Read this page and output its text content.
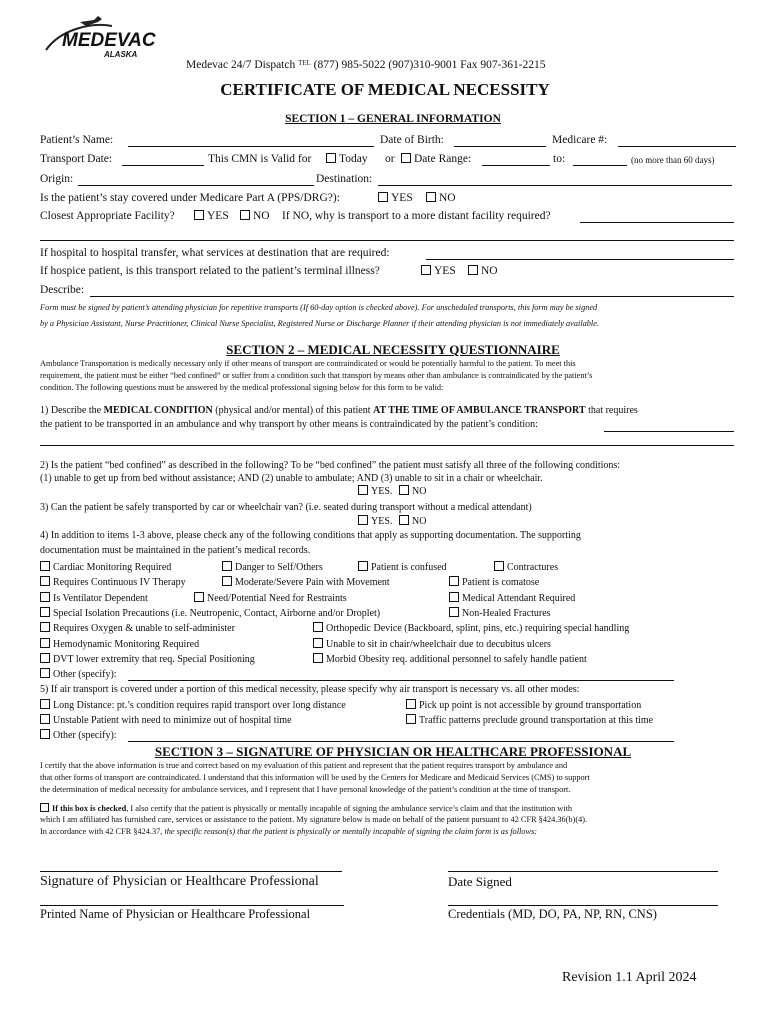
MEDEVAC
ALASKA
Medevac 24/7 Dispatch ᵀᴱᴸ (877) 985-5022 (907)310-9001 Fax 907-361-2215
CERTIFICATE OF MEDICAL NECESSITY
SECTION 1 – GENERAL INFORMATION
Patient’s Name:	Date of Birth:	Medicare #:
Transport Date:	This CMN is Valid for	Today or	Date Range:	to:	(no more than 60 days)
Origin:	Destination:
Is the patient’s stay covered under Medicare Part A (PPS/DRG?):	YES	NO
Closest Appropriate Facility?	YES	NO If NO, why is transport to a more distant facility required?
If hospital to hospital transfer, what services at destination that are required:
If hospice patient, is this transport related to the patient’s terminal illness?	YES	NO
Describe:
Form must be signed by patient’s attending physician for repetitive transports (If 60-day option is checked above). For unscheduled transports, this form may be signed
by a Physician Assistant, Nurse Practitioner, Clinical Nurse Specialist, Registered Nurse or Discharge Planner if their attending physician is not immediately available.
SECTION 2 – MEDICAL NECESSITY QUESTIONNAIRE
Ambulance Transportation is medically necessary only if other means of transport are contraindicated or would be potentially harmful to the patient. To meet this
requirement, the patient must be either “bed confined” or suffer from a condition such that transport by means other than ambulance is contraindicated by the patient’s
condition. The following questions must be answered by the medical professional signing below for this form to be valid:
1) Describe the MEDICAL CONDITION (physical and/or mental) of this patient AT THE TIME OF AMBULANCE TRANSPORT that requires
the patient to be transported in an ambulance and why transport by other means is contraindicated by the patient’s condition:
2) Is the patient “bed confined” as described in the following? To be “bed confined” the patient must satisfy all three of the following conditions:
(1) unable to get up from bed without assistance; AND (2) unable to ambulate; AND (3) unable to sit in a chair or wheelchair.
YES.	NO
3) Can the patient be safely transported by car or wheelchair van? (i.e. seated during transport without a medical attendant)
YES.	NO
4) In addition to items 1-3 above, please check any of the following conditions that apply as supporting documentation. The supporting
documentation must be maintained in the patient’s medical records.
Cardiac Monitoring Required	Danger to Self/Others	Patient is confused	Contractures
Requires Continuous IV Therapy	Moderate/Severe Pain with Movement	Patient is comatose
Is Ventilator Dependent	Need/Potential Need for Restraints	Medical Attendant Required
Special Isolation Precautions (i.e. Neutropenic, Contact, Airborne and/or Droplet)	Non-Healed Fractures
Requires Oxygen & unable to self-administer	Orthopedic Device (Backboard, splint, pins, etc.) requiring special handling
Hemodynamic Monitoring Required	Unable to sit in chair/wheelchair due to decubitus ulcers
DVT lower extremity that req. Special Positioning	Morbid Obesity req. additional personnel to safely handle patient
Other (specify):
5) If air transport is covered under a portion of this medical necessity, please specify why air transport is necessary vs. all other modes:
Long Distance: pt.’s condition requires rapid transport over long distance	Pick up point is not accessible by ground transportation
Unstable Patient with need to minimize out of hospital time	Traffic patterns preclude ground transportation at this time
Other (specify):
SECTION 3 – SIGNATURE OF PHYSICIAN OR HEALTHCARE PROFESSIONAL
I certify that the above information is true and correct based on my evaluation of this patient and represent that the patient requires transport by ambulance and
that other forms of transport are contraindicated. I understand that this information will be used by the Centers for Medicare and Medicaid Services (CMS) to support
the determination of medical necessity for ambulance services, and I represent that I have personal knowledge of the patient’s condition at the time of transport.
If this box is checked, I also certify that the patient is physically or mentally incapable of signing the ambulance service’s claim and that the institution with
which I am affiliated has furnished care, services or assistance to the patient. My signature below is made on behalf of the patient pursuant to 42 CFR §424.36(b)(4).
In accordance with 42 CFR §424.37, the specific reason(s) that the patient is physically or mentally incapable of signing the claim form is as follows:
Signature of Physician or Healthcare Professional	Date Signed
Printed Name of Physician or Healthcare Professional	Credentials (MD, DO, PA, NP, RN, CNS)
Revision 1.1 April 2024
